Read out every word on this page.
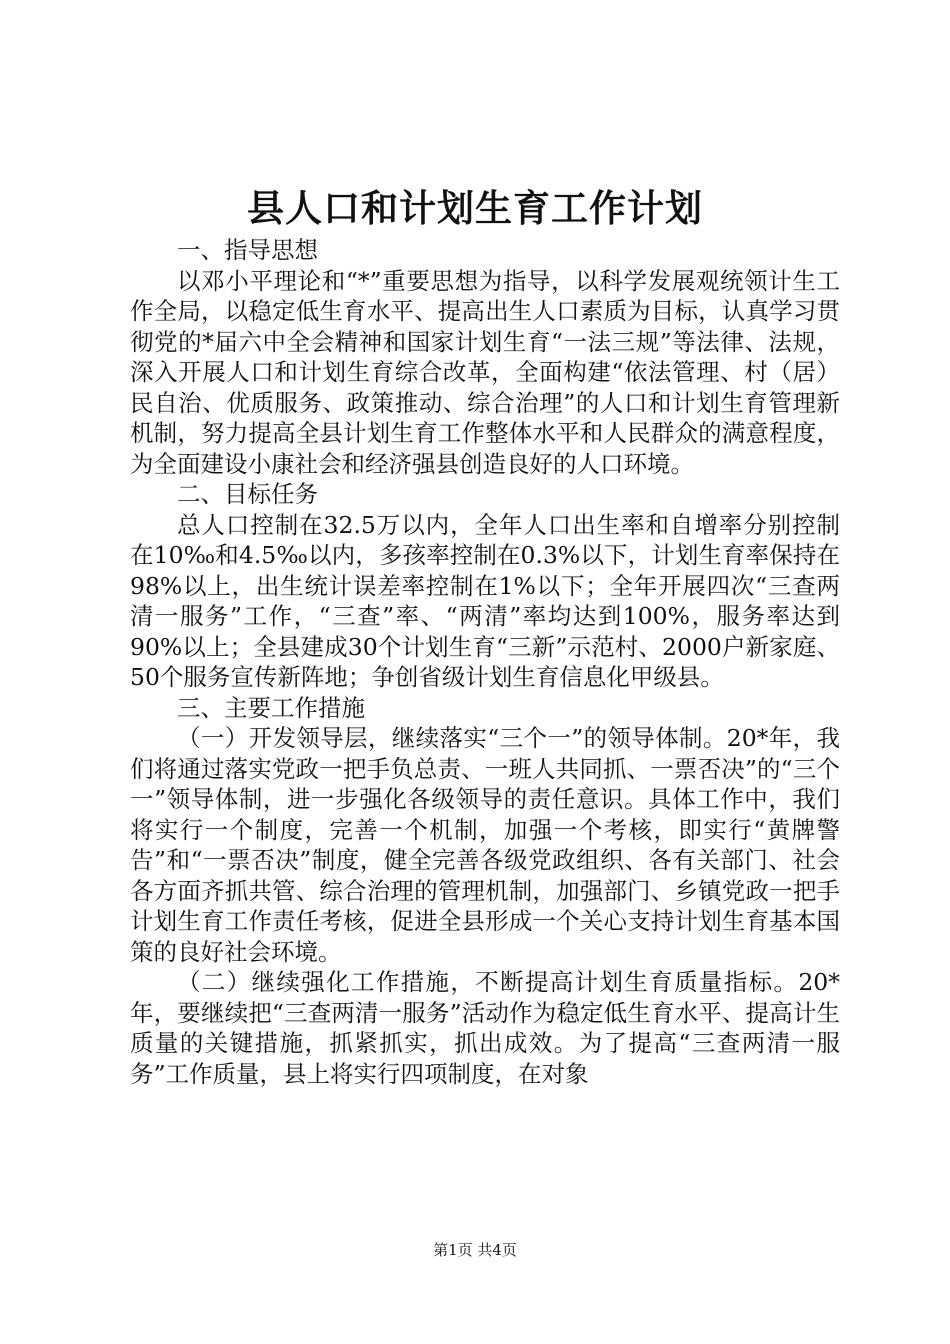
县人口和计划生育工作计划

一、指导思想

以邓小平理论和“*”重要思想为指导，以科学发展观统领计生工作全局，以稳定低生育水平、提高出生人口素质为目标，认真学习贯彻党的*届六中全会精神和国家计划生育“一法三规”等法律、法规，深入开展人口和计划生育综合改革，全面构建“依法管理、村（居）民自治、优质服务、政策推动、综合治理”的人口和计划生育管理新机制，努力提高全县计划生育工作整体水平和人民群众的满意程度，为全面建设小康社会和经济强县创造良好的人口环境。

二、目标任务

总人口控制在32.5万以内，全年人口出生率和自增率分别控制在10‰和4.5‰以内，多孩率控制在0.3%以下，计划生育率保持在98%以上，出生统计误差率控制在1%以下；全年开展四次“三查两清一服务”工作，“三查”率、“两清”率均达到100%，服务率达到90%以上；全县建成30个计划生育“三新”示范村、2000户新家庭、50个服务宣传新阵地；争创省级计划生育信息化甲级县。

三、主要工作措施

（一）开发领导层，继续落实“三个一”的领导体制。20*年，我们将通过落实党政一把手负总责、一班人共同抓、一票否决”的“三个一”领导体制，进一步强化各级领导的责任意识。具体工作中，我们将实行一个制度，完善一个机制，加强一个考核，即实行“黄牌警告”和“一票否决”制度，健全完善各级党政组织、各有关部门、社会各方面齐抓共管、综合治理的管理机制，加强部门、乡镇党政一把手计划生育工作责任考核，促进全县形成一个关心支持计划生育基本国策的良好社会环境。

（二）继续强化工作措施，不断提高计划生育质量指标。20*年，要继续把“三查两清一服务”活动作为稳定低生育水平、提高计生质量的关键措施，抓紧抓实，抓出成效。为了提高“三查两清一服务”工作质量，县上将实行四项制度，在对象

第1页 共4页
